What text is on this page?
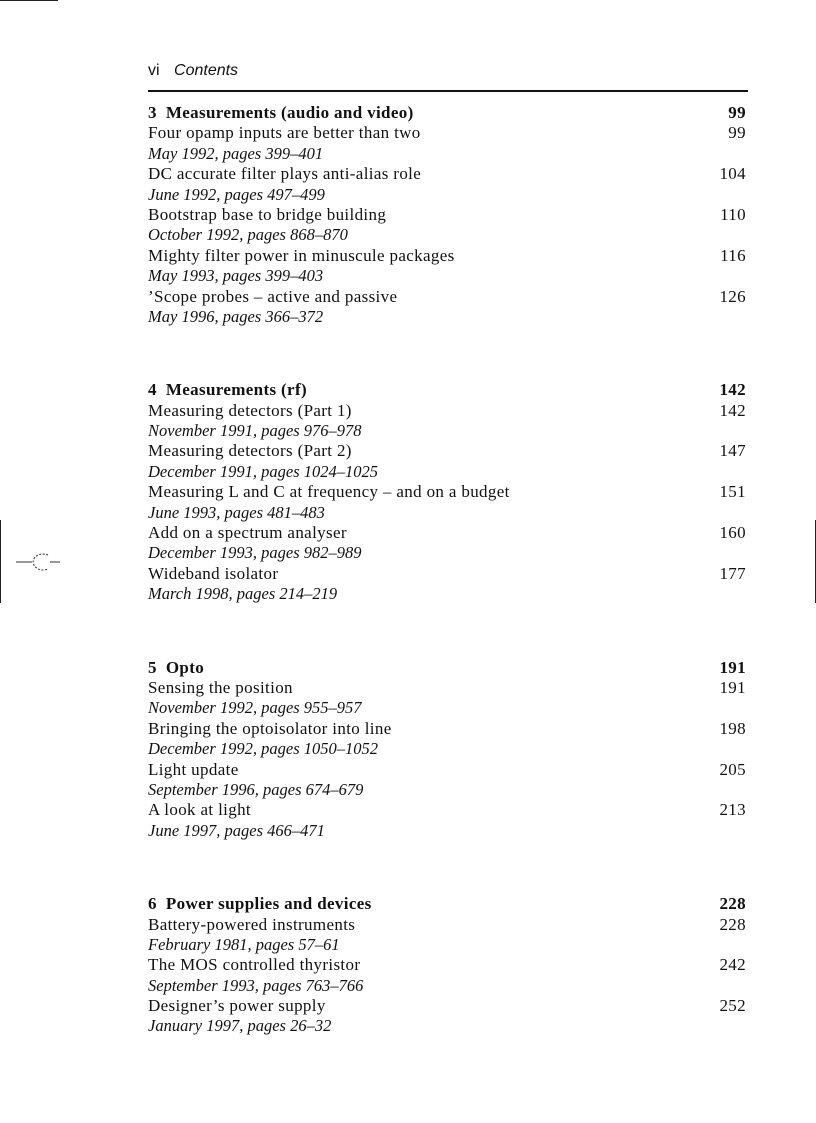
vi Contents
3 Measurements (audio and video)	99
Four opamp inputs are better than two	99
May 1992, pages 399–401
DC accurate filter plays anti-alias role	104
June 1992, pages 497–499
Bootstrap base to bridge building	110
October 1992, pages 868–870
Mighty filter power in minuscule packages	116
May 1993, pages 399–403
’Scope probes – active and passive	126
May 1996, pages 366–372
4 Measurements (rf)	142
Measuring detectors (Part 1)	142
November 1991, pages 976–978
Measuring detectors (Part 2)	147
December 1991, pages 1024–1025
Measuring L and C at frequency – and on a budget	151
June 1993, pages 481–483
Add on a spectrum analyser	160
December 1993, pages 982–989
Wideband isolator	177
March 1998, pages 214–219
5 Opto	191
Sensing the position	191
November 1992, pages 955–957
Bringing the optoisolator into line	198
December 1992, pages 1050–1052
Light update	205
September 1996, pages 674–679
A look at light	213
June 1997, pages 466–471
6 Power supplies and devices	228
Battery-powered instruments	228
February 1981, pages 57–61
The MOS controlled thyristor	242
September 1993, pages 763–766
Designer’s power supply	252
January 1997, pages 26–32
